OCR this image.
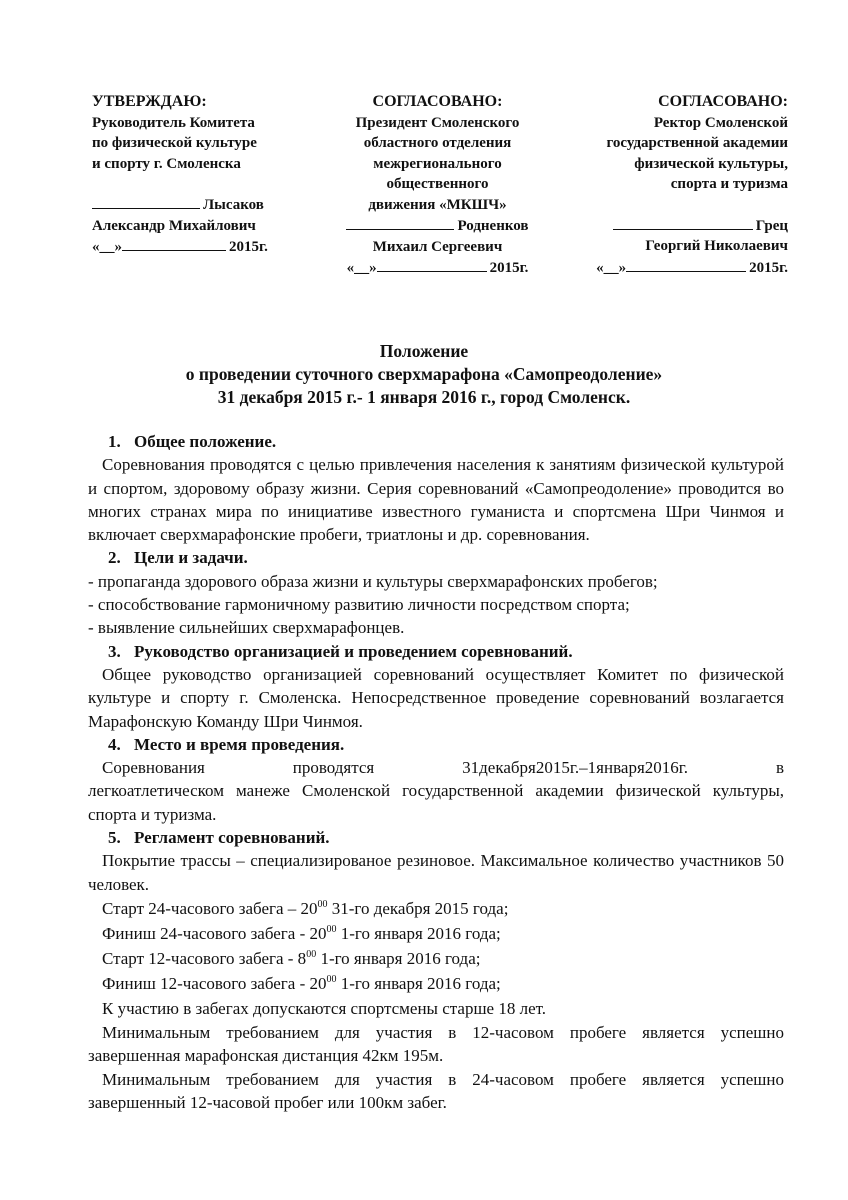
УТВЕРЖДАЮ:
Руководитель Комитета
по физической культуре
и спорту г. Смоленска
Лысаков
Александр Михайлович
«__»	2015г.
СОГЛАСОВАНО:
Президент Смоленского
областного отделения
межрегионального
общественного
движения «МКШЧ»
Родненков
Михаил Сергеевич
«__»	2015г.
СОГЛАСОВАНО:
Ректор Смоленской
государственной академии
физической культуры,
спорта и туризма
Грец
Георгий Николаевич
«__»	2015г.
Положение
о проведении суточного сверхмарафона «Самопреодоление»
31 декабря 2015 г.- 1 января 2016 г., город Смоленск.
1. Общее положение.

Соревнования проводятся с целью привлечения населения к занятиям физической культурой и спортом, здоровому образу жизни. Серия соревнований «Самопреодоление» проводится во многих странах мира по инициативе известного гуманиста и спортсмена Шри Чинмоя и включает сверхмарафонские пробеги, триатлоны и др. соревнования.

2. Цели и задачи.
- пропаганда здорового образа жизни и культуры сверхмарафонских пробегов;
- способствование гармоничному развитию личности посредством спорта;
- выявление сильнейших сверхмарафонцев.
3. Руководство организацией и проведением соревнований.

Общее руководство организацией соревнований осуществляет Комитет по физической культуре и спорту г. Смоленска. Непосредственное проведение соревнований возлагается Марафонскую Команду Шри Чинмоя.

4. Место и время проведения.
Соревнования	проводятся	31декабря2015г.–1января2016г.	в

легкоатлетическом манеже Смоленской государственной академии физической культуры, спорта и туризма.

5. Регламент соревнований.

Покрытие трассы – специализированое резиновое. Максимальное количество участников 50 человек.

Старт 24-часового забега – $20^{00}$ 31-го декабря 2015 года;
Финиш 24-часового забега - $20^{00}$ 1-го января 2016 года;
Старт 12-часового забега - $8^{00}$ 1-го января 2016 года;
Финиш 12-часового забега - $20^{00}$ 1-го января 2016 года;
К участию в забегах допускаются спортсмены старше 18 лет.

Минимальным требованием для участия в 12-часовом пробеге является успешно завершенная марафонская дистанция 42км 195м.

Минимальным требованием для участия в 24-часовом пробеге является успешно завершенный 12-часовой пробег или 100км забег.
